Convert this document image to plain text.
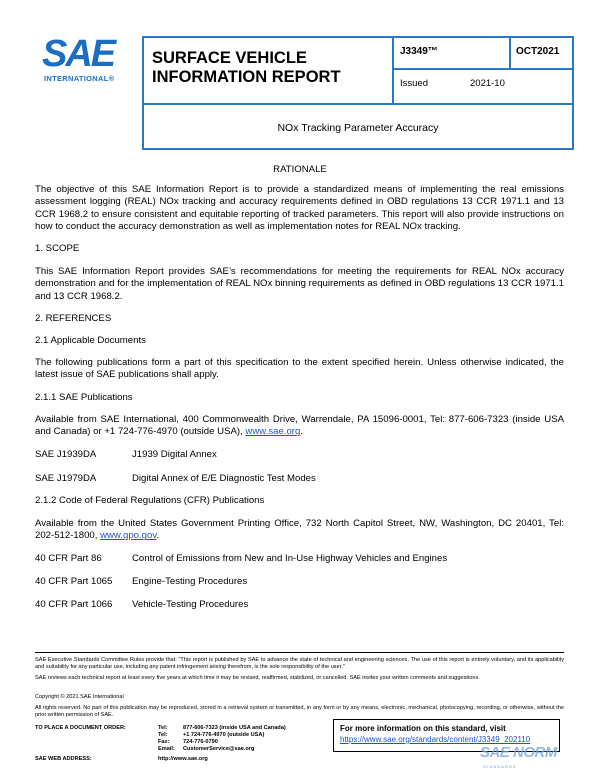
SAE
INTERNATIONAL®
SURFACE VEHICLE INFORMATION REPORT
J3349™	OCT2021
Issued	2021-10
NOx Tracking Parameter Accuracy
RATIONALE
The objective of this SAE Information Report is to provide a standardized means of implementing the real emissions assessment logging (REAL) NOx tracking and accuracy requirements defined in OBD regulations 13 CCR 1971.1 and 13 CCR 1968.2 to ensure consistent and equitable reporting of tracked parameters. This report will also provide instructions on how to conduct the accuracy demonstration as well as implementation notes for REAL NOx tracking.
1. SCOPE
This SAE Information Report provides SAE’s recommendations for meeting the requirements for REAL NOx accuracy demonstration and for the implementation of REAL NOx binning requirements as defined in OBD regulations 13 CCR 1971.1 and 13 CCR 1968.2.
2. REFERENCES
2.1 Applicable Documents
The following publications form a part of this specification to the extent specified herein. Unless otherwise indicated, the latest issue of SAE publications shall apply.
2.1.1 SAE Publications
Available from SAE International, 400 Commonwealth Drive, Warrendale, PA 15096-0001, Tel: 877-606-7323 (inside USA and Canada) or +1 724-776-4970 (outside USA), www.sae.org.
SAE J1939DA	J1939 Digital Annex
SAE J1979DA	Digital Annex of E/E Diagnostic Test Modes
2.1.2 Code of Federal Regulations (CFR) Publications
Available from the United States Government Printing Office, 732 North Capitol Street, NW, Washington, DC 20401, Tel: 202-512-1800, www.gpo.gov.
40 CFR Part 86	Control of Emissions from New and In-Use Highway Vehicles and Engines
40 CFR Part 1065 Engine-Testing Procedures
40 CFR Part 1066 Vehicle-Testing Procedures
SAE Executive Standards Committee Rules provide that: “This report is published by SAE to advance the state of technical and engineering sciences. The use of this report is entirely voluntary, and its applicability and suitability for any particular use, including any patent infringement arising therefrom, is the sole responsibility of the user.”
SAE reviews each technical report at least every five years at which time it may be revised, reaffirmed, stabilized, or cancelled. SAE invites your written comments and suggestions.
Copyright © 2021 SAE International
All rights reserved. No part of this publication may be reproduced, stored in a retrieval system or transmitted, in any form or by any means, electronic, mechanical, photocopying, recording, or otherwise, without the prior written permission of SAE.
TO PLACE A DOCUMENT ORDER:	Tel:	877-606-7323 (inside USA and Canada)
Tel:	+1 724-776-4970 (outside USA)
Fax: 724-776-0790
Email: CustomerService@sae.org
SAE WEB ADDRESS:	http://www.sae.org
For more information on this standard, visit
https://www.sae.org/standards/content/J3349_202110
SAE NORM
STANDARDS
